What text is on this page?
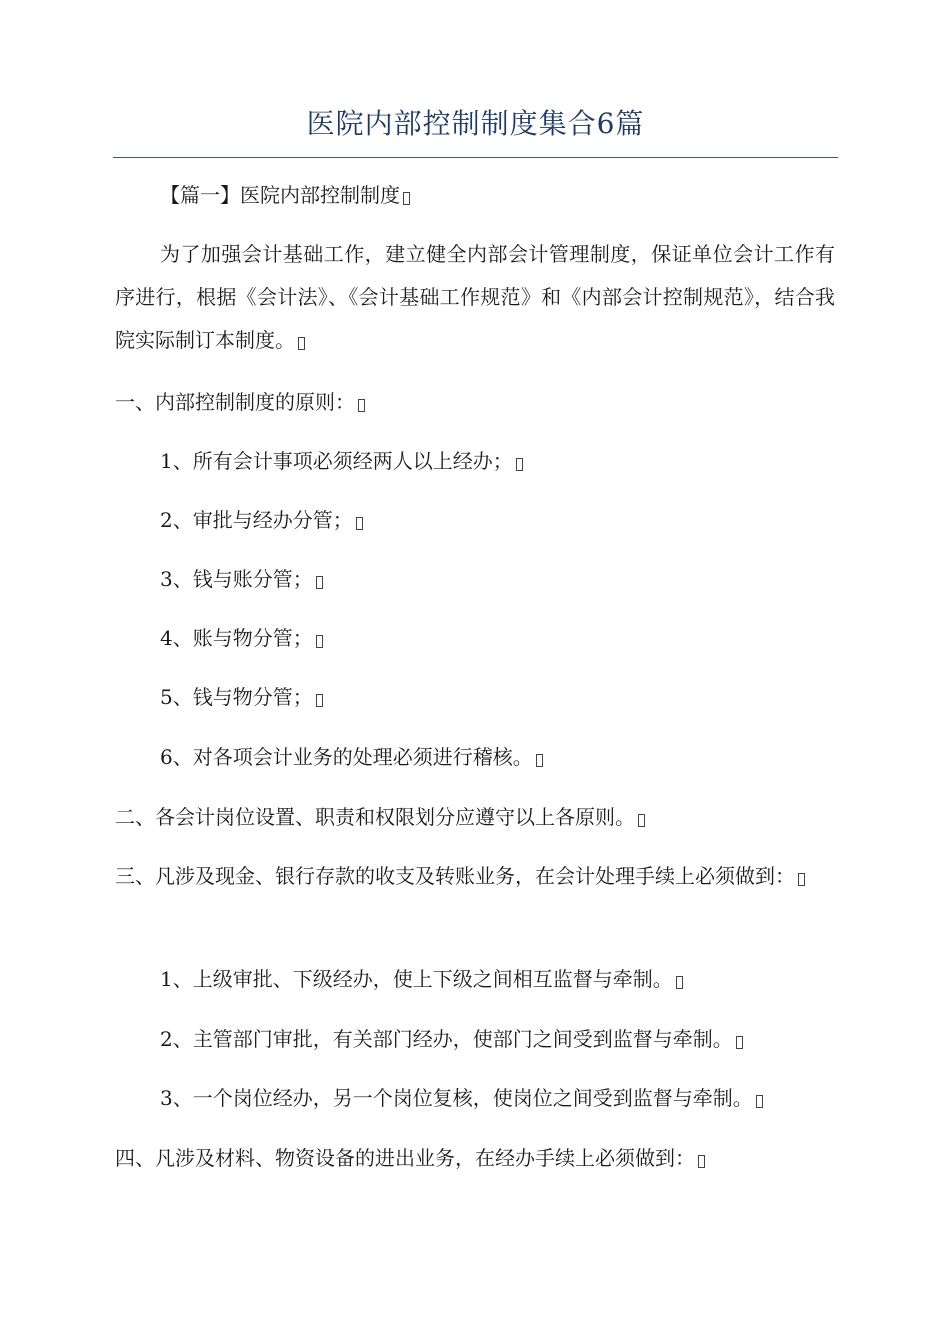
医院内部控制制度集合6篇

【篇一】医院内部控制制度

为了加强会计基础工作，建立健全内部会计管理制度，保证单位会计工作有序进行，根据《会计法》、《会计基础工作规范》和《内部会计控制规范》，结合我院实际制订本制度。

一、内部控制制度的原则：

1、所有会计事项必须经两人以上经办；

2、审批与经办分管；

3、钱与账分管；

4、账与物分管；

5、钱与物分管；

6、对各项会计业务的处理必须进行稽核。

二、各会计岗位设置、职责和权限划分应遵守以上各原则。

三、凡涉及现金、银行存款的收支及转账业务，在会计处理手续上必须做到：

1、上级审批、下级经办，使上下级之间相互监督与牵制。

2、主管部门审批，有关部门经办，使部门之间受到监督与牵制。

3、一个岗位经办，另一个岗位复核，使岗位之间受到监督与牵制。

四、凡涉及材料、物资设备的进出业务，在经办手续上必须做到：
